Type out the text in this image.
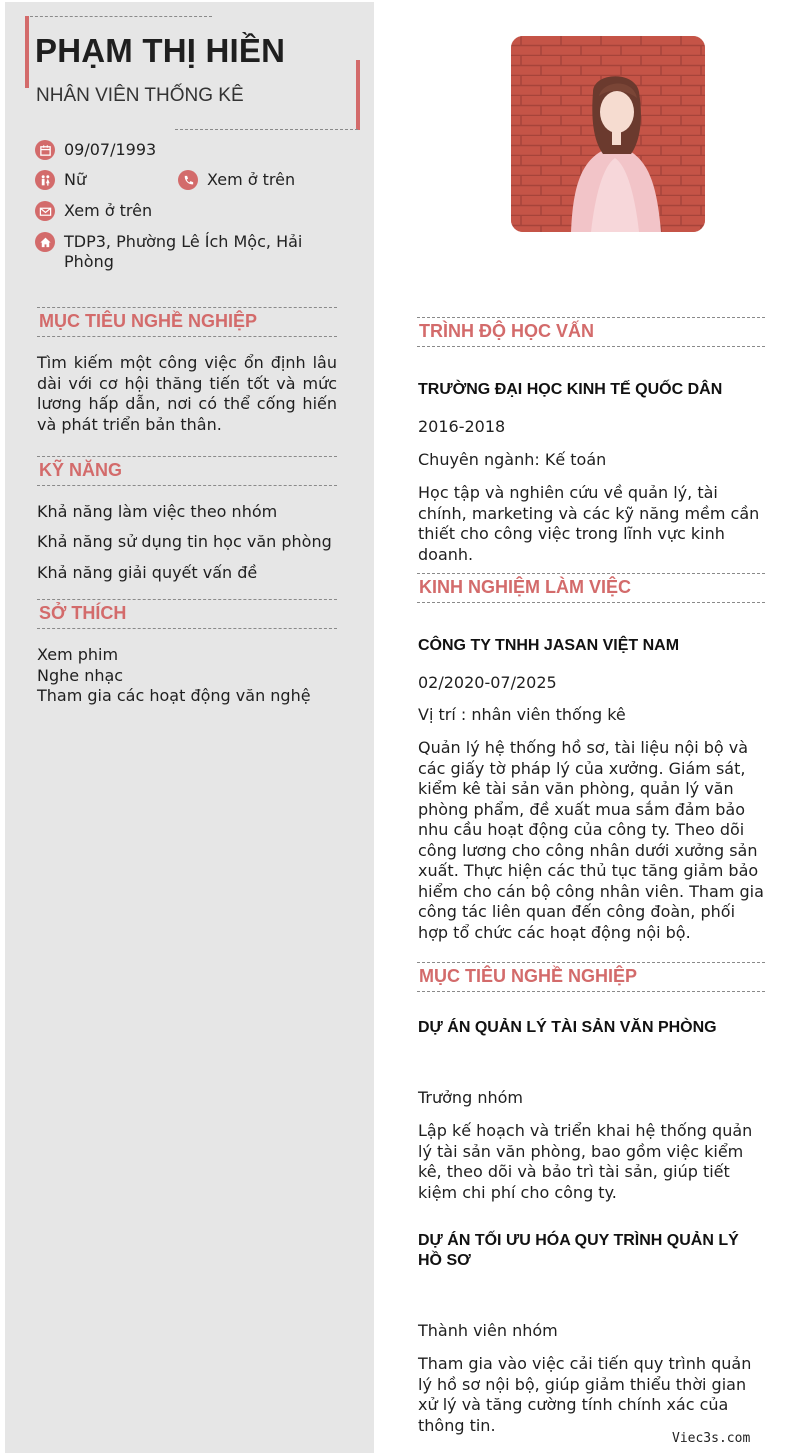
PHẠM THỊ HIỀN
NHÂN VIÊN THỐNG KÊ
09/07/1993
Nữ	Xem ở trên
Xem ở trên
TDP3, Phường Lê Ích Mộc, Hải Phòng
MỤC TIÊU NGHỀ NGHIỆP
Tìm kiếm một công việc ổn định lâu dài với cơ hội thăng tiến tốt và mức lương hấp dẫn, nơi có thể cống hiến và phát triển bản thân.
KỸ NĂNG
Khả năng làm việc theo nhóm
Khả năng sử dụng tin học văn phòng
Khả năng giải quyết vấn đề
SỞ THÍCH
Xem phim
Nghe nhạc
Tham gia các hoạt động văn nghệ
TRÌNH ĐỘ HỌC VẤN
TRƯỜNG ĐẠI HỌC KINH TẾ QUỐC DÂN
2016-2018
Chuyên ngành: Kế toán
Học tập và nghiên cứu về quản lý, tài chính, marketing và các kỹ năng mềm cần thiết cho công việc trong lĩnh vực kinh doanh.
KINH NGHIỆM LÀM VIỆC
CÔNG TY TNHH JASAN VIỆT NAM
02/2020-07/2025
Vị trí : nhân viên thống kê
Quản lý hệ thống hồ sơ, tài liệu nội bộ và các giấy tờ pháp lý của xưởng. Giám sát, kiểm kê tài sản văn phòng, quản lý văn phòng phẩm, đề xuất mua sắm đảm bảo nhu cầu hoạt động của công ty. Theo dõi công lương cho công nhân dưới xưởng sản xuất. Thực hiện các thủ tục tăng giảm bảo hiểm cho cán bộ công nhân viên. Tham gia công tác liên quan đến công đoàn, phối hợp tổ chức các hoạt động nội bộ.
MỤC TIÊU NGHỀ NGHIỆP
DỰ ÁN QUẢN LÝ TÀI SẢN VĂN PHÒNG
Trưởng nhóm
Lập kế hoạch và triển khai hệ thống quản lý tài sản văn phòng, bao gồm việc kiểm kê, theo dõi và bảo trì tài sản, giúp tiết kiệm chi phí cho công ty.
DỰ ÁN TỐI ƯU HÓA QUY TRÌNH QUẢN LÝ HỒ SƠ
Thành viên nhóm
Tham gia vào việc cải tiến quy trình quản lý hồ sơ nội bộ, giúp giảm thiểu thời gian xử lý và tăng cường tính chính xác của thông tin.
Viec3s.com
